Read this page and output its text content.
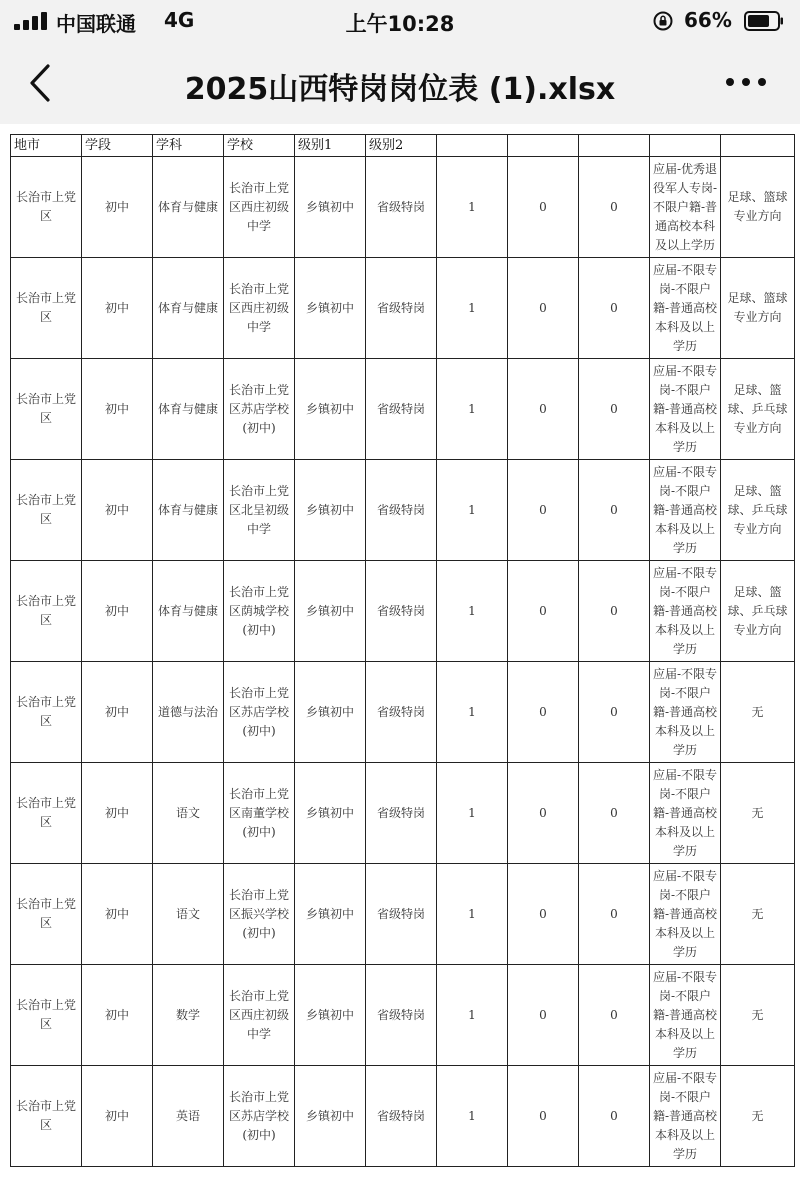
中国联通 4G	上午10:28	66%
2025山西特岗岗位表 (1).xlsx
地市	学段	学科	学校	级别1	级别2					
长治市上党区	初中	体育与健康	长治市上党区西庄初级中学	乡镇初中	省级特岗	1	0	0	应届-优秀退役军人专岗-不限户籍-普通高校本科及以上学历	足球、篮球专业方向
长治市上党区	初中	体育与健康	长治市上党区西庄初级中学	乡镇初中	省级特岗	1	0	0	应届-不限专岗-不限户籍-普通高校本科及以上学历	足球、篮球专业方向
长治市上党区	初中	体育与健康	长治市上党区苏店学校(初中)	乡镇初中	省级特岗	1	0	0	应届-不限专岗-不限户籍-普通高校本科及以上学历	足球、篮球、乒乓球专业方向
长治市上党区	初中	体育与健康	长治市上党区北呈初级中学	乡镇初中	省级特岗	1	0	0	应届-不限专岗-不限户籍-普通高校本科及以上学历	足球、篮球、乒乓球专业方向
长治市上党区	初中	体育与健康	长治市上党区荫城学校(初中)	乡镇初中	省级特岗	1	0	0	应届-不限专岗-不限户籍-普通高校本科及以上学历	足球、篮球、乒乓球专业方向
长治市上党区	初中	道德与法治	长治市上党区苏店学校(初中)	乡镇初中	省级特岗	1	0	0	应届-不限专岗-不限户籍-普通高校本科及以上学历	无
长治市上党区	初中	语文	长治市上党区南董学校(初中)	乡镇初中	省级特岗	1	0	0	应届-不限专岗-不限户籍-普通高校本科及以上学历	无
长治市上党区	初中	语文	长治市上党区振兴学校(初中)	乡镇初中	省级特岗	1	0	0	应届-不限专岗-不限户籍-普通高校本科及以上学历	无
长治市上党区	初中	数学	长治市上党区西庄初级中学	乡镇初中	省级特岗	1	0	0	应届-不限专岗-不限户籍-普通高校本科及以上学历	无
长治市上党区	初中	英语	长治市上党区苏店学校(初中)	乡镇初中	省级特岗	1	0	0	应届-不限专岗-不限户籍-普通高校本科及以上学历	无
